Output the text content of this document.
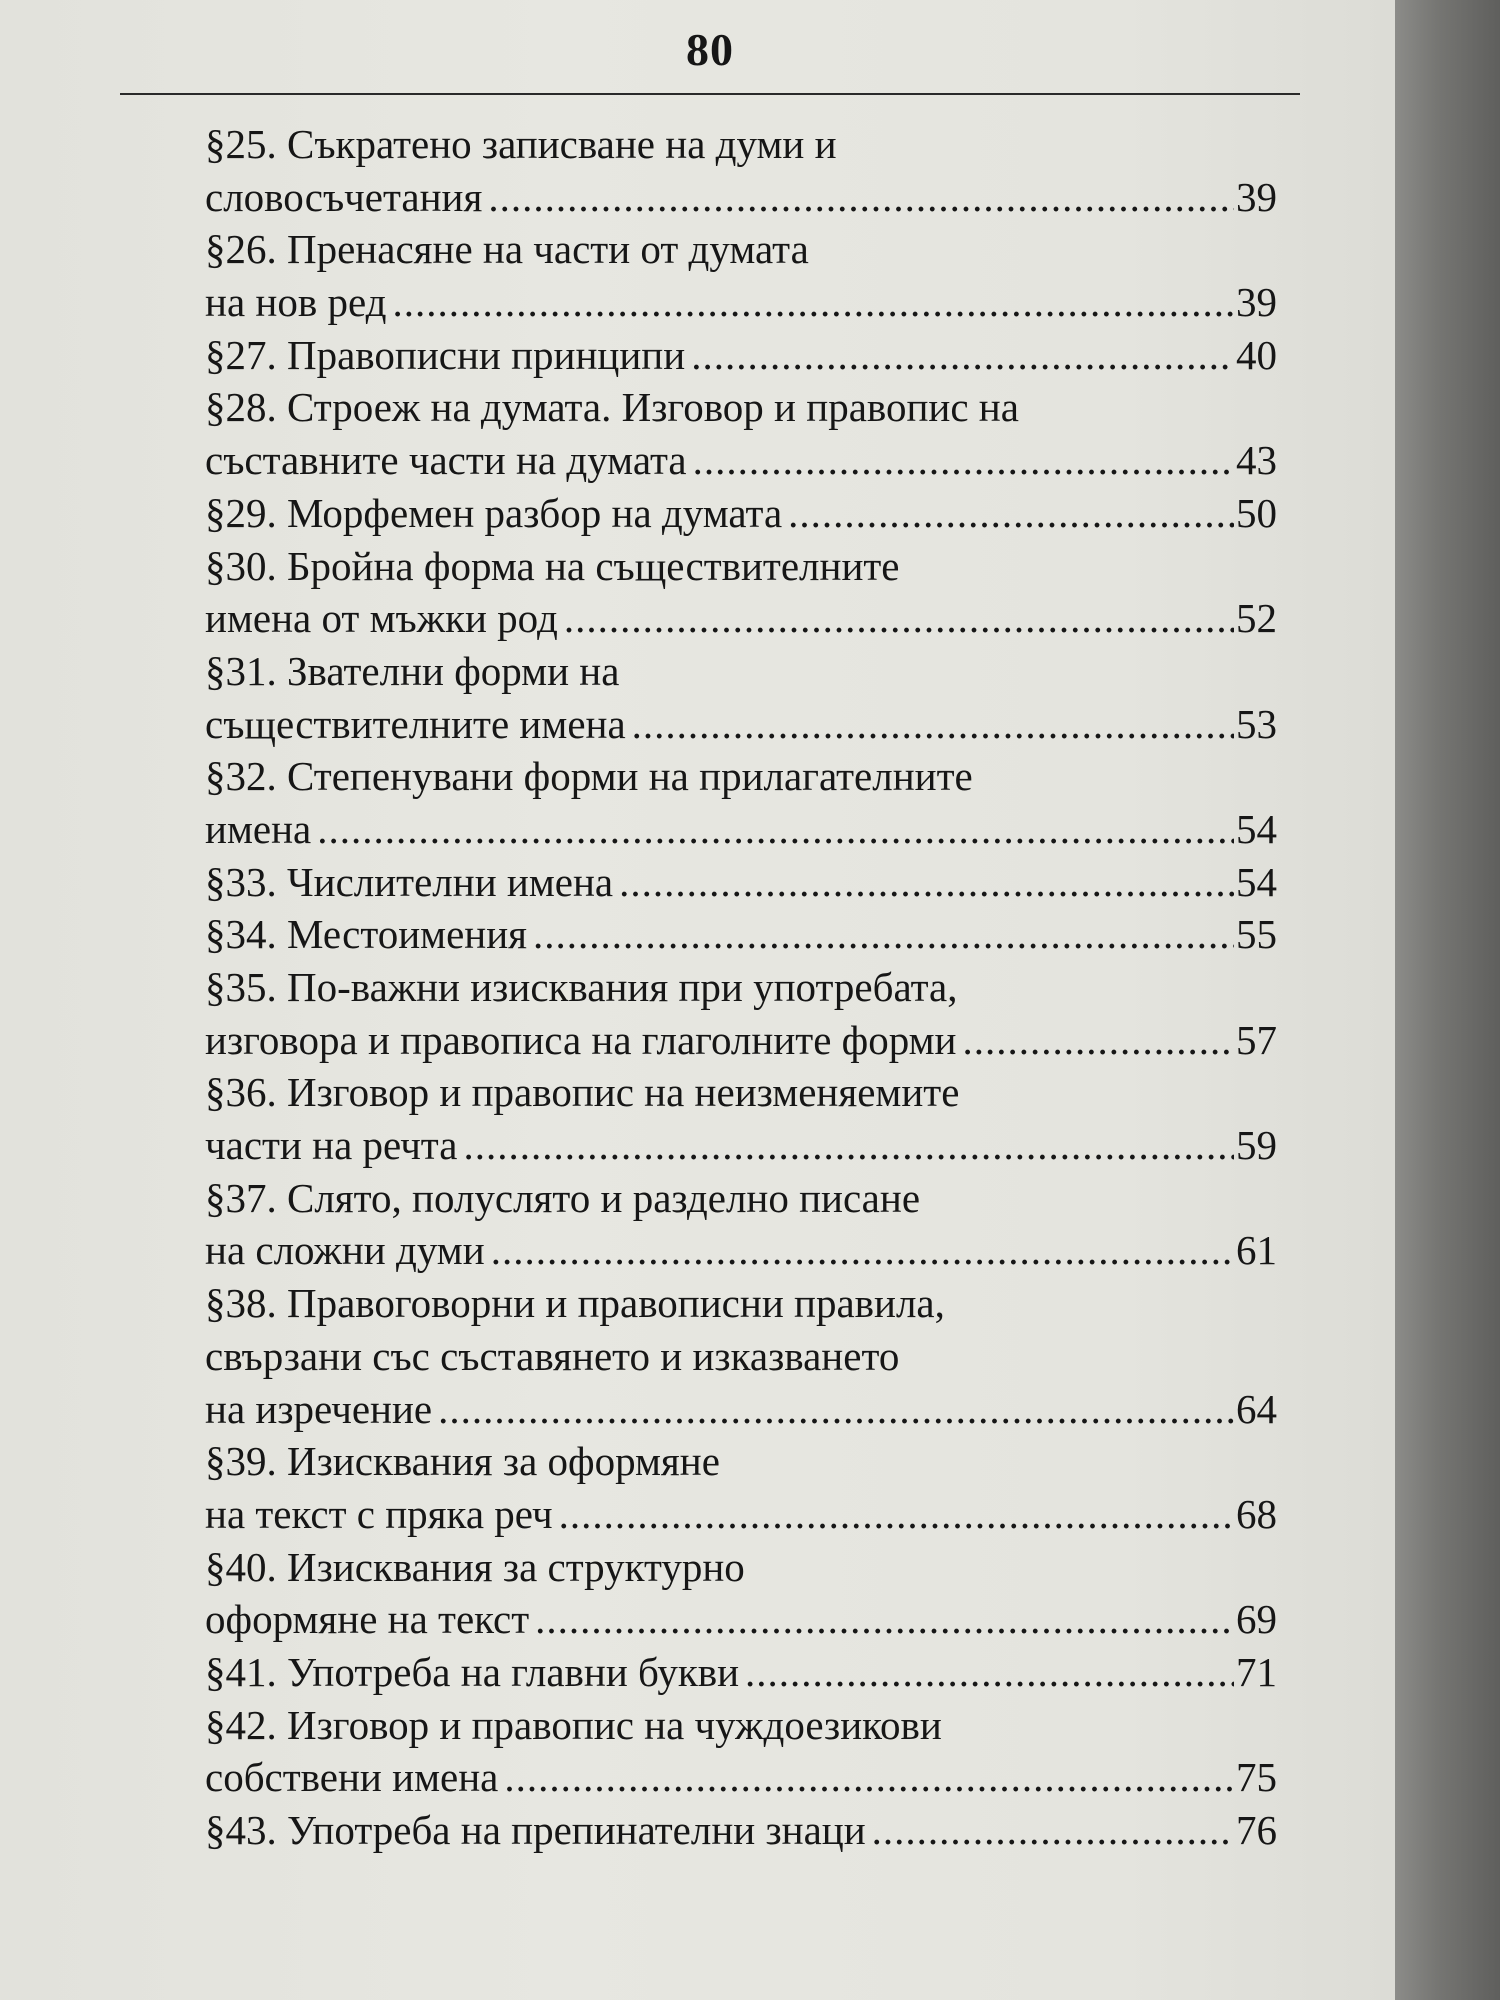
80
§25. Съкратено записване на думи и
словосъчетания .....	39
§26. Пренасяне на части от думата
на нов ред .....	39
§27. Правописни принципи .....	40
§28. Строеж на думата. Изговор и правопис на
съставните части на думата .....	43
§29. Морфемен разбор на думата .....	50
§30. Бройна форма на съществителните
имена от мъжки род .....	52
§31. Звателни форми на
съществителните имена .....	53
§32. Степенувани форми на прилагателните
имена .....	54
§33. Числителни имена .....	54
§34. Местоимения .....	55
§35. По-важни изисквания при употребата,
изговора и правописа на глаголните форми .....	57
§36. Изговор и правопис на неизменяемите
части на речта .....	59
§37. Слято, полуслято и разделно писане
на сложни думи .....	61
§38. Правоговорни и правописни правила,
свързани със съставянето и изказването
на изречение .....	64
§39. Изисквания за оформяне
на текст с пряка реч .....	68
§40. Изисквания за структурно
оформяне на текст .....	69
§41. Употреба на главни букви .....	71
§42. Изговор и правопис на чуждоезикови
собствени имена .....	75
§43. Употреба на препинателни знаци .....	76
